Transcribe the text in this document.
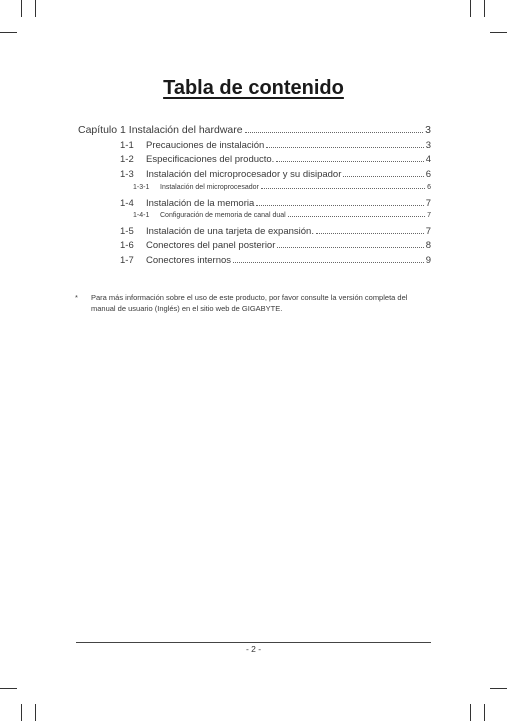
Tabla de contenido
Capítulo 1 Instalación del hardware	3
1-1	Precauciones de instalación	3
1-2	Especificaciones del producto.	4
1-3	Instalación del microprocesador y su disipador	6
1-3-1	Instalación del microprocesador	6
1-4	Instalación de la memoria	7
1-4-1	Configuración de memoria de canal dual	7
1-5	Instalación de una tarjeta de expansión.	7
1-6	Conectores del panel posterior	8
1-7	Conectores internos	9
* Para más información sobre el uso de este producto, por favor consulte la versión completa del manual de usuario (Inglés) en el sitio web de GIGABYTE.
- 2 -
